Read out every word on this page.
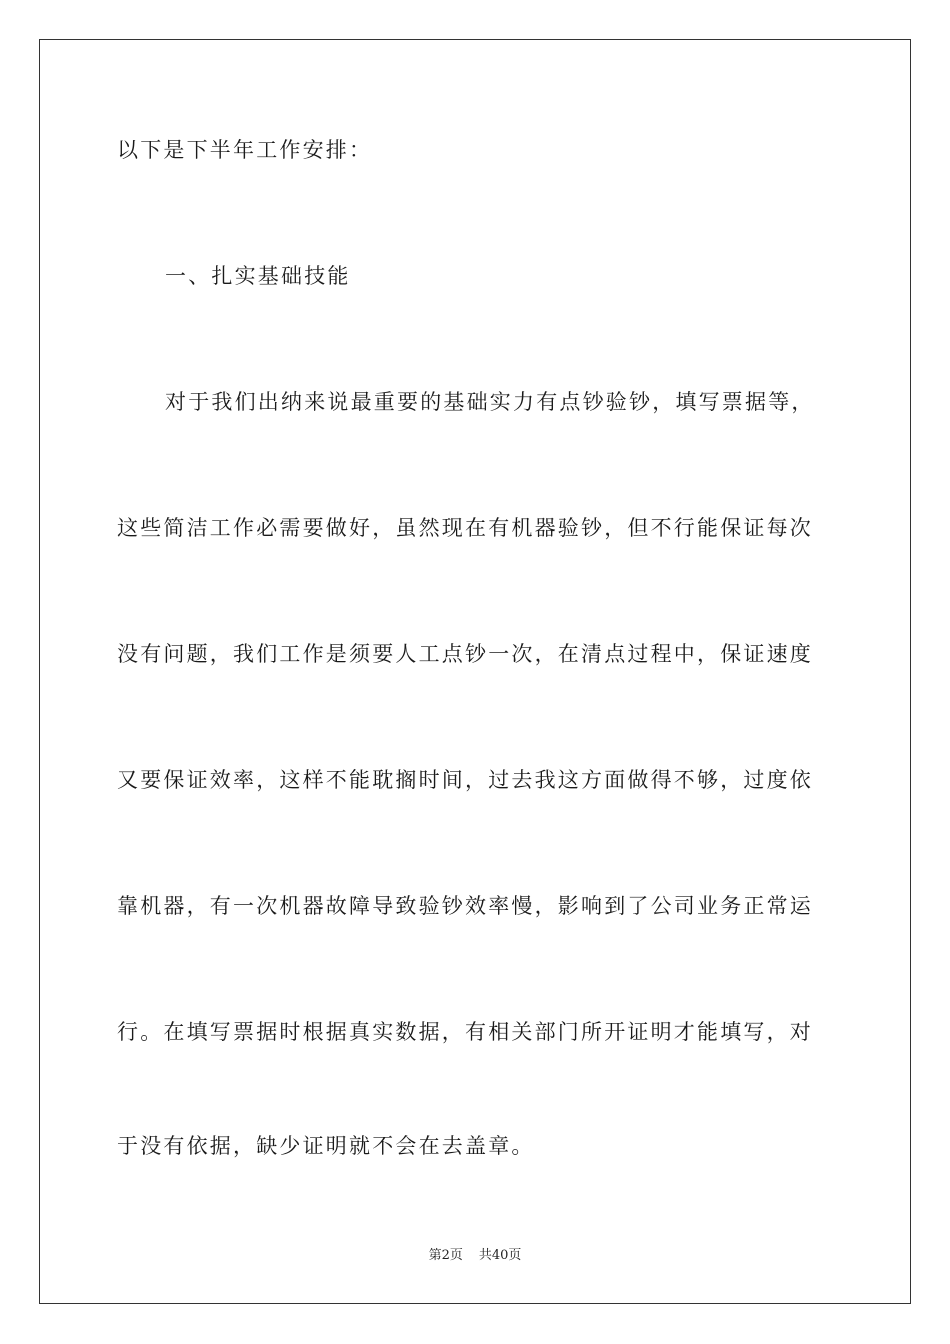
以下是下半年工作安排：

一、扎实基础技能

对于我们出纳来说最重要的基础实力有点钞验钞，填写票据等，

这些简洁工作必需要做好，虽然现在有机器验钞，但不行能保证每次

没有问题，我们工作是须要人工点钞一次，在清点过程中，保证速度

又要保证效率，这样不能耽搁时间，过去我这方面做得不够，过度依

靠机器，有一次机器故障导致验钞效率慢，影响到了公司业务正常运

行。在填写票据时根据真实数据，有相关部门所开证明才能填写，对

于没有依据，缺少证明就不会在去盖章。

第2页 共40页
